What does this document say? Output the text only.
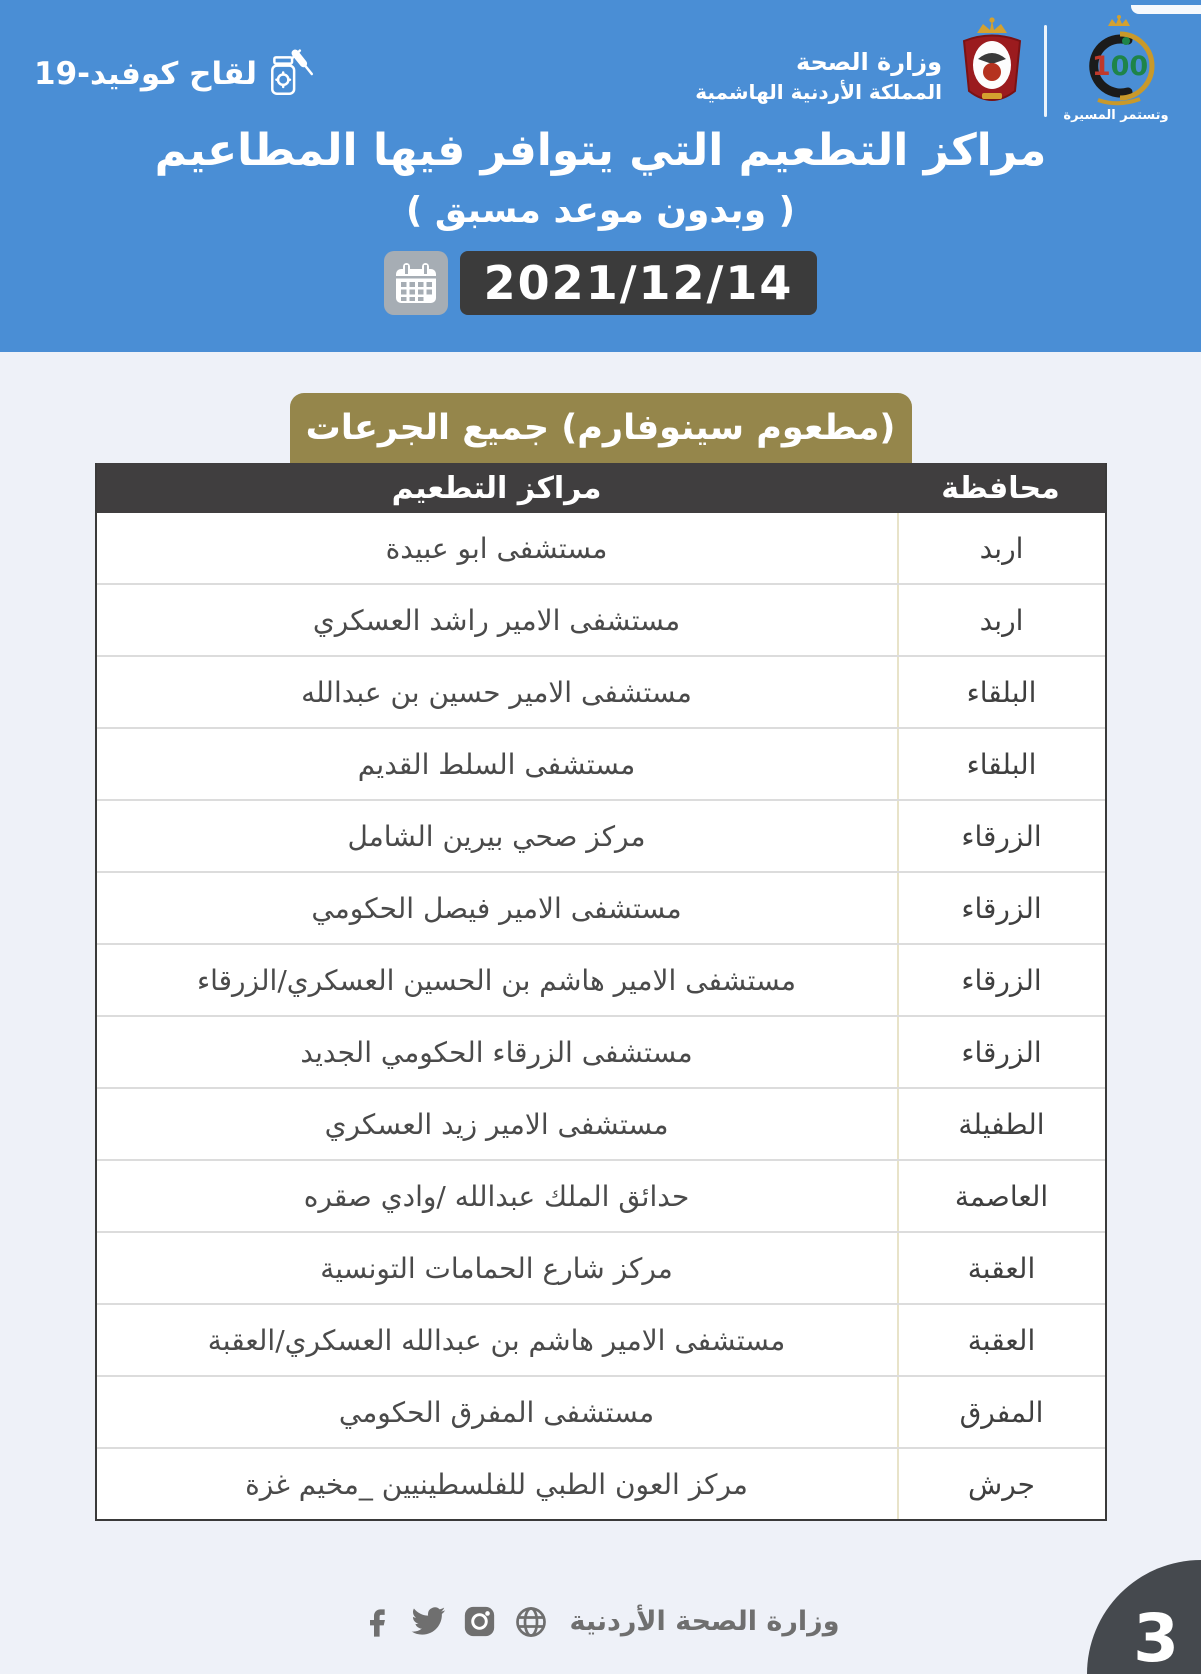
100
وتستمر المسيرة
وزارة الصحة
المملكة الأردنية الهاشمية
لقاح كوفيد-19
مراكز التطعيم التي يتوافر فيها المطاعيم
( وبدون موعد مسبق )
2021/12/14
(مطعوم سينوفارم) جميع الجرعات
محافظة
مراكز التطعيم
اربد
مستشفى ابو عبيدة
اربد
مستشفى الامير راشد العسكري
البلقاء
مستشفى الامير حسين بن عبدالله
البلقاء
مستشفى السلط القديم
الزرقاء
مركز صحي بيرين الشامل
الزرقاء
مستشفى الامير فيصل الحكومي
الزرقاء
مستشفى الامير هاشم بن الحسين العسكري/الزرقاء
الزرقاء
مستشفى الزرقاء الحكومي الجديد
الطفيلة
مستشفى الامير زيد العسكري
العاصمة
حدائق الملك عبدالله /وادي صقره
العقبة
مركز شارع الحمامات التونسية
العقبة
مستشفى الامير هاشم بن عبدالله العسكري/العقبة
المفرق
مستشفى المفرق الحكومي
جرش
مركز العون الطبي للفلسطينيين _مخيم غزة
وزارة الصحة الأردنية	3
